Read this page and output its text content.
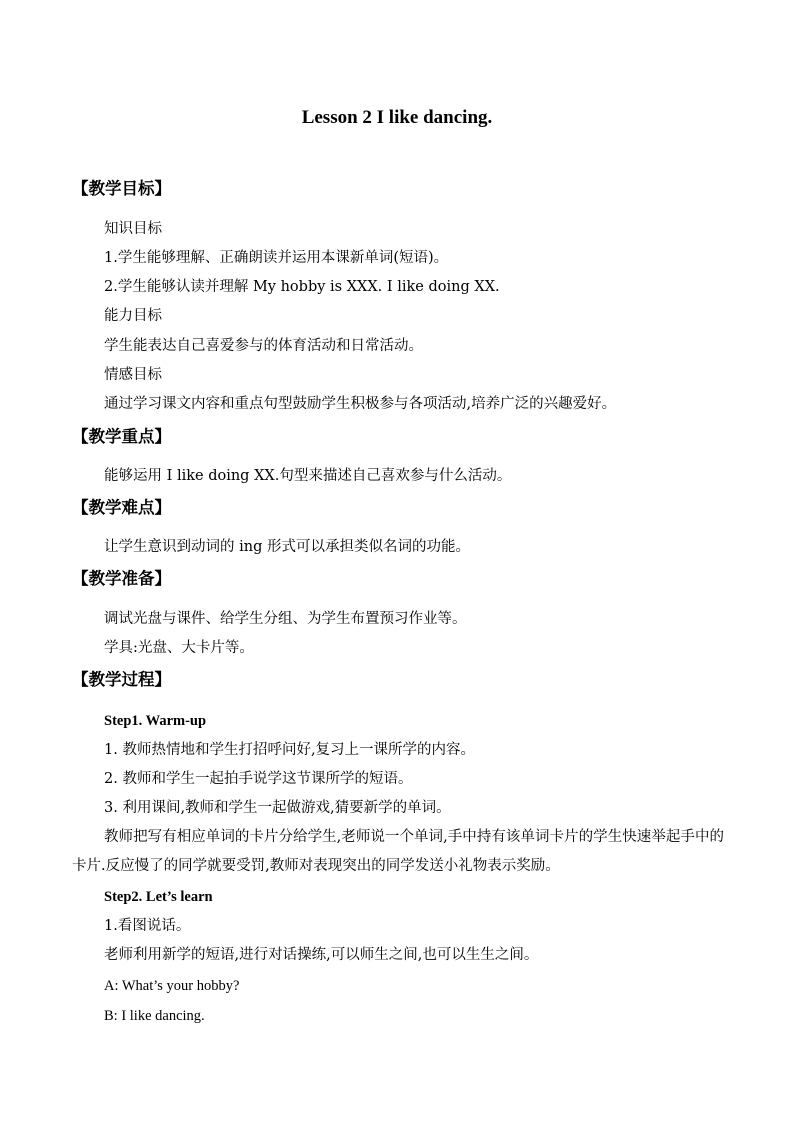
Lesson 2 I like dancing.
【教学目标】
知识目标
1.学生能够理解、正确朗读并运用本课新单词(短语)。
2.学生能够认读并理解 My hobby is XXX. I like doing XX.
能力目标
学生能表达自己喜爱参与的体育活动和日常活动。
情感目标
通过学习课文内容和重点句型鼓励学生积极参与各项活动,培养广泛的兴趣爱好。
【教学重点】
能够运用 I like doing XX.句型来描述自己喜欢参与什么活动。
【教学难点】
让学生意识到动词的 ing 形式可以承担类似名词的功能。
【教学准备】
调试光盘与课件、给学生分组、为学生布置预习作业等。
学具:光盘、大卡片等。
【教学过程】
Step1. Warm-up
1. 教师热情地和学生打招呼问好,复习上一课所学的内容。
2. 教师和学生一起拍手说学这节课所学的短语。
3. 利用课间,教师和学生一起做游戏,猜要新学的单词。
教师把写有相应单词的卡片分给学生,老师说一个单词,手中持有该单词卡片的学生快速举起手中的卡片.反应慢了的同学就要受罚,教师对表现突出的同学发送小礼物表示奖励。
Step2. Let’s learn
1.看图说话。
老师利用新学的短语,进行对话操练,可以师生之间,也可以生生之间。
A: What’s your hobby?
B: I like dancing.
